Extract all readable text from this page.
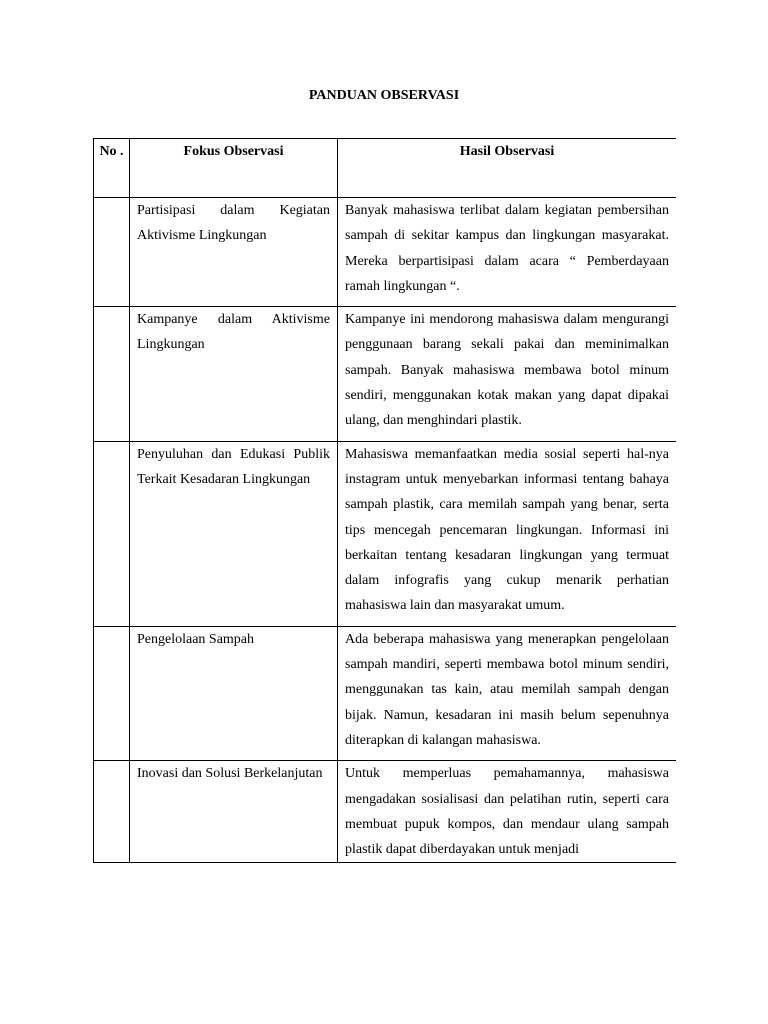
PANDUAN OBSERVASI
No .	Fokus Observasi	Hasil Observasi
	Partisipasi dalam Kegiatan Aktivisme Lingkungan	Banyak mahasiswa terlibat dalam kegiatan pembersihan sampah di sekitar kampus dan lingkungan masyarakat. Mereka berpartisipasi dalam acara “ Pemberdayaan ramah lingkungan “.
	Kampanye dalam Aktivisme Lingkungan	Kampanye ini mendorong mahasiswa dalam mengurangi penggunaan barang sekali pakai dan meminimalkan sampah. Banyak mahasiswa membawa botol minum sendiri, menggunakan kotak makan yang dapat dipakai ulang, dan menghindari plastik.
	Penyuluhan dan Edukasi Publik Terkait Kesadaran Lingkungan	Mahasiswa memanfaatkan media sosial seperti hal-nya instagram untuk menyebarkan informasi tentang bahaya sampah plastik, cara memilah sampah yang benar, serta tips mencegah pencemaran lingkungan. Informasi ini berkaitan tentang kesadaran lingkungan yang termuat dalam infografis yang cukup menarik perhatian mahasiswa lain dan masyarakat umum.
	Pengelolaan Sampah	Ada beberapa mahasiswa yang menerapkan pengelolaan sampah mandiri, seperti membawa botol minum sendiri, menggunakan tas kain, atau memilah sampah dengan bijak. Namun, kesadaran ini masih belum sepenuhnya diterapkan di kalangan mahasiswa.
	Inovasi dan Solusi Berkelanjutan	Untuk memperluas pemahamannya, mahasiswa mengadakan sosialisasi dan pelatihan rutin, seperti cara membuat pupuk kompos, dan mendaur ulang sampah plastik dapat diberdayakan untuk menjadi
